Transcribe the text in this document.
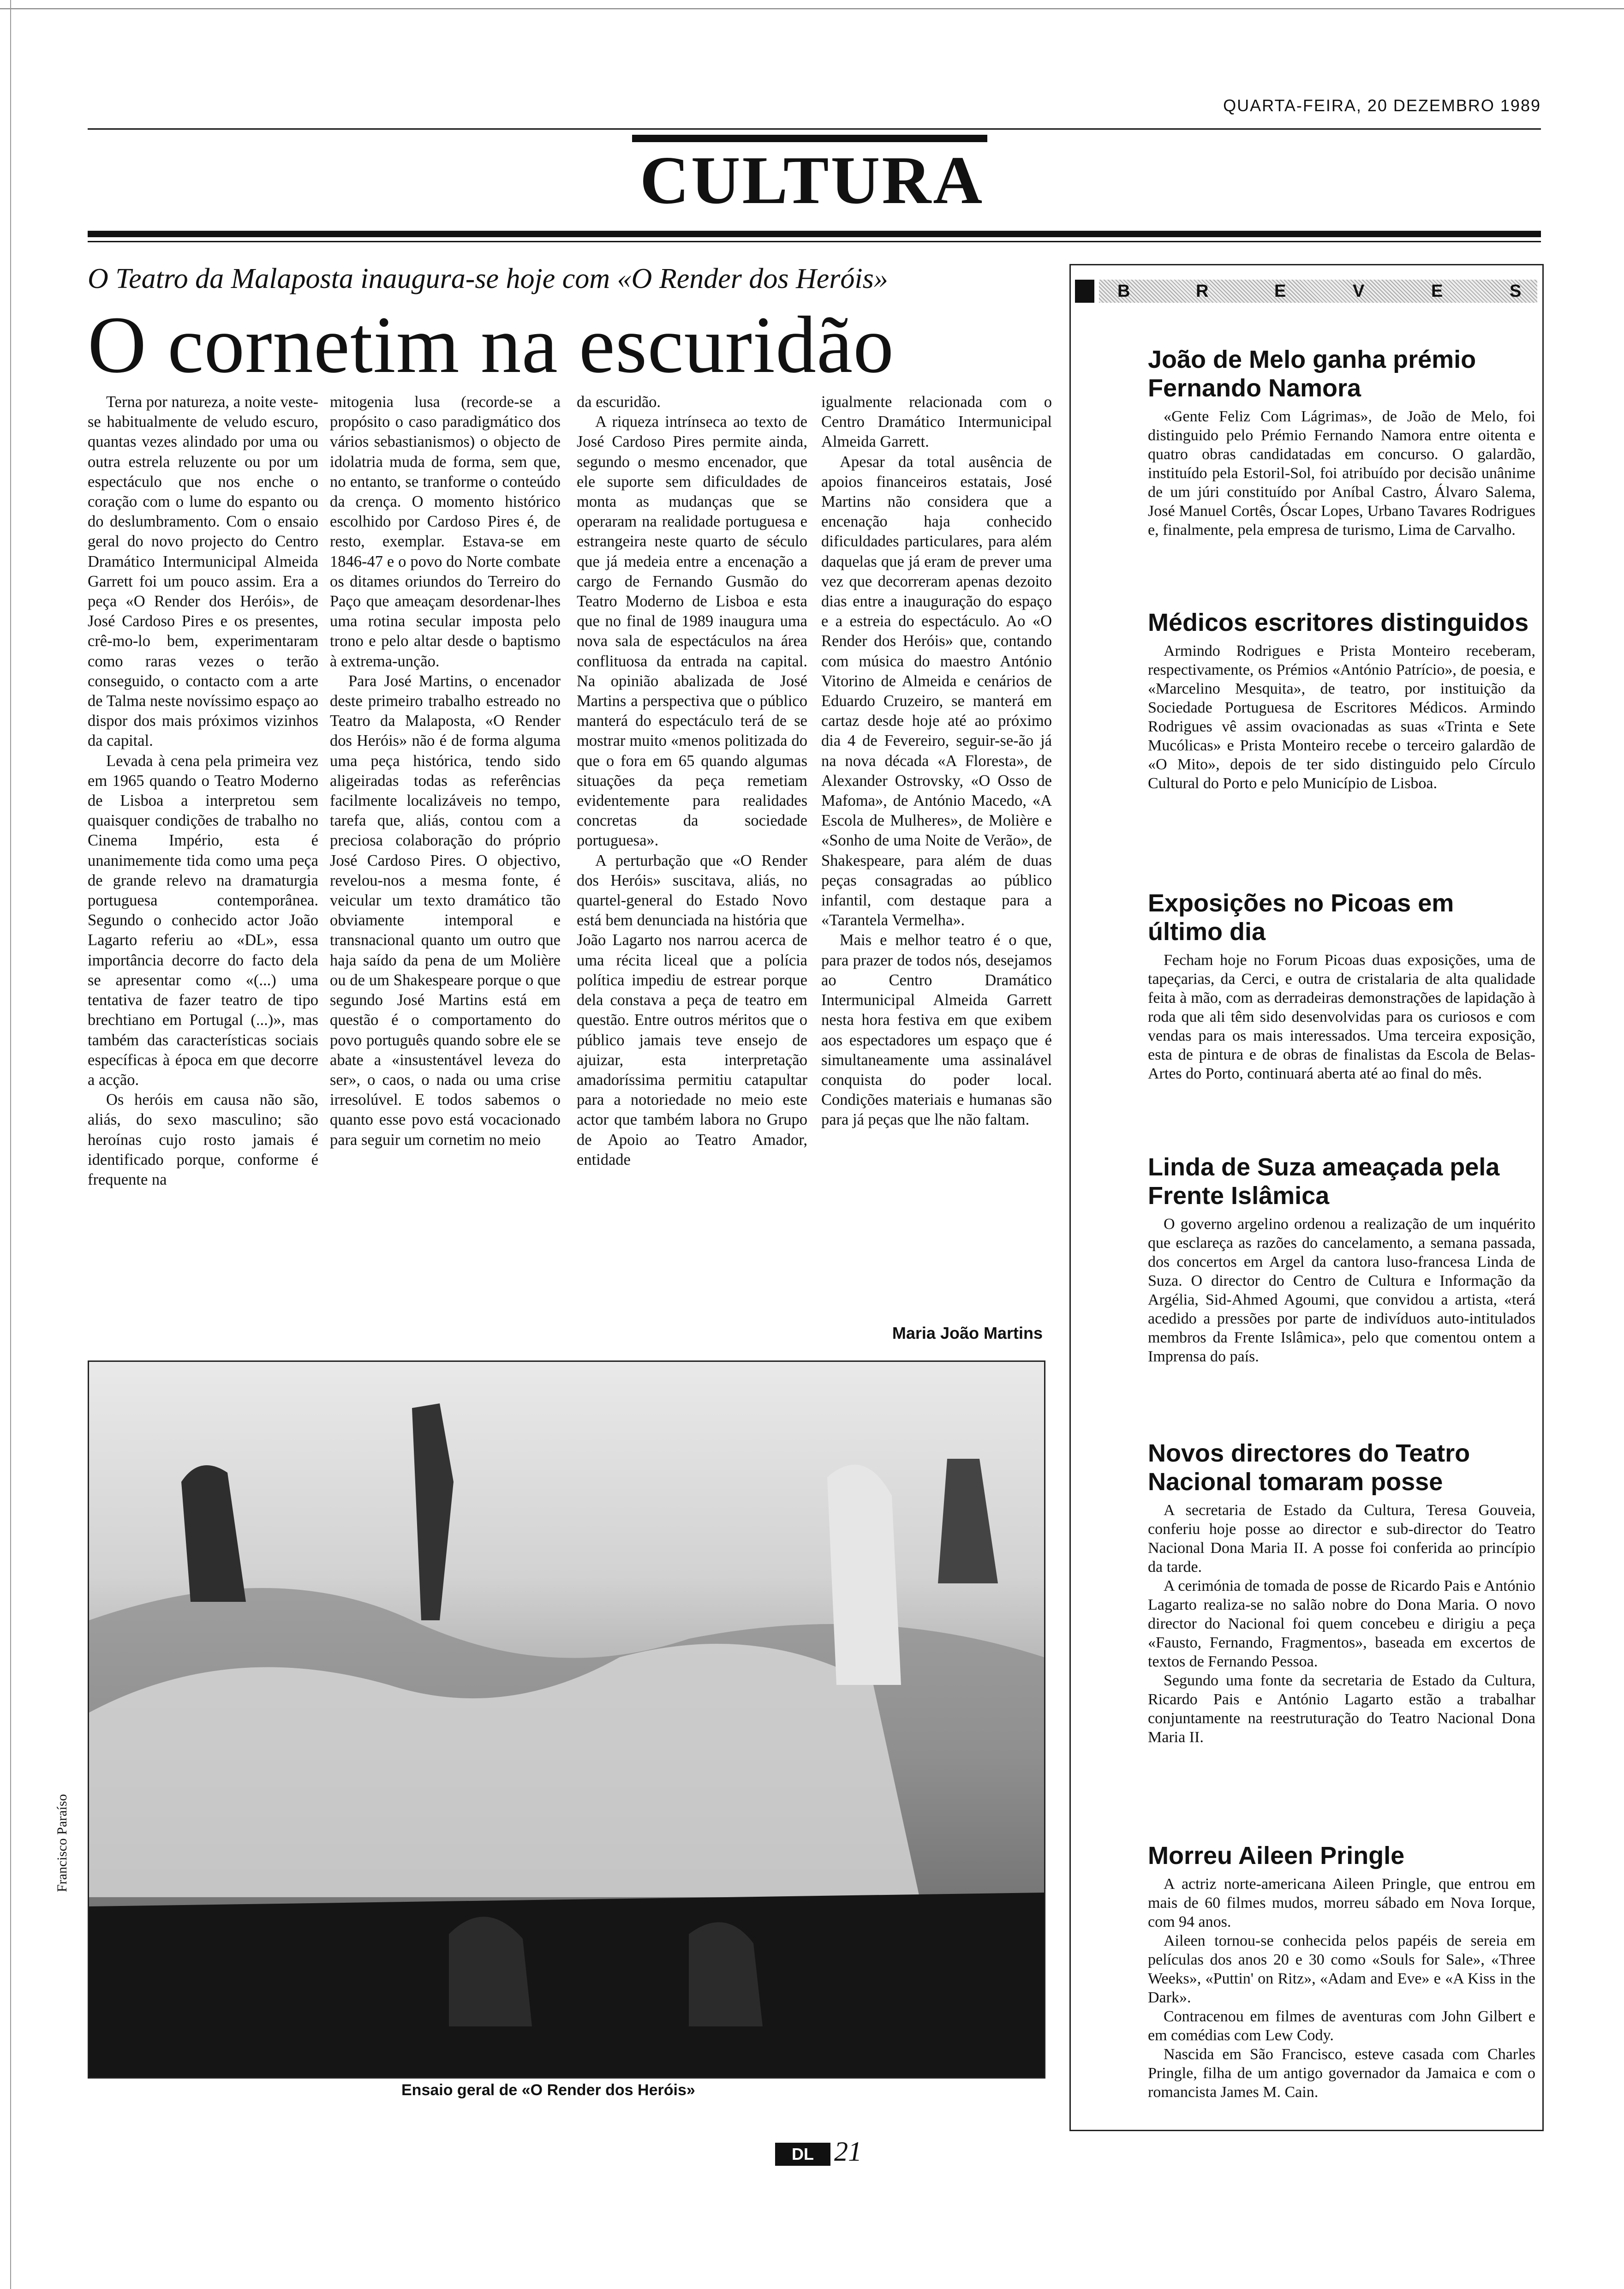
QUARTA-FEIRA, 20 DEZEMBRO 1989
CULTURA
O Teatro da Malaposta inaugura-se hoje com «O Render dos Heróis»
O cornetim na escuridão

Terna por natureza, a noite veste-se habitualmente de veludo escuro, quantas vezes alindado por uma ou outra estrela reluzente ou por um espectáculo que nos enche o coração com o lume do espanto ou do deslumbramento. Com o ensaio geral do novo projecto do Centro Dramático Intermunicipal Almeida Garrett foi um pouco assim. Era a peça «O Render dos Heróis», de José Cardoso Pires e os presentes, crê-mo-lo bem, experimentaram como raras vezes o terão conseguido, o contacto com a arte de Talma neste novíssimo espaço ao dispor dos mais próximos vizinhos da capital.

Levada à cena pela primeira vez em 1965 quando o Teatro Moderno de Lisboa a interpretou sem quaisquer condições de trabalho no Cinema Império, esta é unanimemente tida como uma peça de grande relevo na dramaturgia portuguesa contemporânea. Segundo o conhecido actor João Lagarto referiu ao «DL», essa importância decorre do facto dela se apresentar como «(...) uma tentativa de fazer teatro de tipo brechtiano em Portugal (...)», mas também das características sociais específicas à época em que decorre a acção.

Os heróis em causa não são, aliás, do sexo masculino; são heroínas cujo rosto jamais é identificado porque, conforme é frequente na

mitogenia lusa (recorde-se a propósito o caso paradigmático dos vários sebastianismos) o objecto de idolatria muda de forma, sem que, no entanto, se tranforme o conteúdo da crença. O momento histórico escolhido por Cardoso Pires é, de resto, exemplar. Estava-se em 1846-47 e o povo do Norte combate os ditames oriundos do Terreiro do Paço que ameaçam desordenar-lhes uma rotina secular imposta pelo trono e pelo altar desde o baptismo à extrema-unção.

Para José Martins, o encenador deste primeiro trabalho estreado no Teatro da Malaposta, «O Render dos Heróis» não é de forma alguma uma peça histórica, tendo sido aligeiradas todas as referências facilmente localizáveis no tempo, tarefa que, aliás, contou com a preciosa colaboração do próprio José Cardoso Pires. O objectivo, revelou-nos a mesma fonte, é veicular um texto dramático tão obviamente intemporal e transnacional quanto um outro que haja saído da pena de um Molière ou de um Shakespeare porque o que segundo José Martins está em questão é o comportamento do povo português quando sobre ele se abate a «insustentável leveza do ser», o caos, o nada ou uma crise irresolúvel. E todos sabemos o quanto esse povo está vocacionado para seguir um cornetim no meio

da escuridão.

A riqueza intrínseca ao texto de José Cardoso Pires permite ainda, segundo o mesmo encenador, que ele suporte sem dificuldades de monta as mudanças que se operaram na realidade portuguesa e estrangeira neste quarto de século que já medeia entre a encenação a cargo de Fernando Gusmão do Teatro Moderno de Lisboa e esta que no final de 1989 inaugura uma nova sala de espectáculos na área conflituosa da entrada na capital. Na opinião abalizada de José Martins a perspectiva que o público manterá do espectáculo terá de se mostrar muito «menos politizada do que o fora em 65 quando algumas situações da peça remetiam evidentemente para realidades concretas da sociedade portuguesa».

A perturbação que «O Render dos Heróis» suscitava, aliás, no quartel-general do Estado Novo está bem denunciada na história que João Lagarto nos narrou acerca de uma récita liceal que a polícia política impediu de estrear porque dela constava a peça de teatro em questão. Entre outros méritos que o público jamais teve ensejo de ajuizar, esta interpretação amadoríssima permitiu catapultar para a notoriedade no meio este actor que também labora no Grupo de Apoio ao Teatro Amador, entidade

igualmente relacionada com o Centro Dramático Intermunicipal Almeida Garrett.

Apesar da total ausência de apoios financeiros estatais, José Martins não considera que a encenação haja conhecido dificuldades particulares, para além daquelas que já eram de prever uma vez que decorreram apenas dezoito dias entre a inauguração do espaço e a estreia do espectáculo. Ao «O Render dos Heróis» que, contando com música do maestro António Vitorino de Almeida e cenários de Eduardo Cruzeiro, se manterá em cartaz desde hoje até ao próximo dia 4 de Fevereiro, seguir-se-ão já na nova década «A Floresta», de Alexander Ostrovsky, «O Osso de Mafoma», de António Macedo, «A Escola de Mulheres», de Molière e «Sonho de uma Noite de Verão», de Shakespeare, para além de duas peças consagradas ao público infantil, com destaque para a «Tarantela Vermelha».

Mais e melhor teatro é o que, para prazer de todos nós, desejamos ao Centro Dramático Intermunicipal Almeida Garrett nesta hora festiva em que exibem aos espectadores um espaço que é simultaneamente uma assinalável conquista do poder local. Condições materiais e humanas são para já peças que lhe não faltam.

Maria João Martins
Francisco Paraíso
Ensaio geral de «O Render dos Heróis»
DL 21
B	R	E	V	E	S
João de Melo ganha prémio Fernando Namora

«Gente Feliz Com Lágrimas», de João de Melo, foi distinguido pelo Prémio Fernando Namora entre oitenta e quatro obras candidatadas em concurso. O galardão, instituído pela Estoril-Sol, foi atribuído por decisão unânime de um júri constituído por Aníbal Castro, Álvaro Salema, José Manuel Cortês, Óscar Lopes, Urbano Tavares Rodrigues e, finalmente, pela empresa de turismo, Lima de Carvalho.

Médicos escritores distinguidos

Armindo Rodrigues e Prista Monteiro receberam, respectivamente, os Prémios «António Patrício», de poesia, e «Marcelino Mesquita», de teatro, por instituição da Sociedade Portuguesa de Escritores Médicos. Armindo Rodrigues vê assim ovacionadas as suas «Trinta e Sete Mucólicas» e Prista Monteiro recebe o terceiro galardão de «O Mito», depois de ter sido distinguido pelo Círculo Cultural do Porto e pelo Município de Lisboa.

Exposições no Picoas em último dia

Fecham hoje no Forum Picoas duas exposições, uma de tapeçarias, da Cerci, e outra de cristalaria de alta qualidade feita à mão, com as derradeiras demonstrações de lapidação à roda que ali têm sido desenvolvidas para os curiosos e com vendas para os mais interessados. Uma terceira exposição, esta de pintura e de obras de finalistas da Escola de Belas-Artes do Porto, continuará aberta até ao final do mês.

Linda de Suza ameaçada pela Frente Islâmica

O governo argelino ordenou a realização de um inquérito que esclareça as razões do cancelamento, a semana passada, dos concertos em Argel da cantora luso-francesa Linda de Suza. O director do Centro de Cultura e Informação da Argélia, Sid-Ahmed Agoumi, que convidou a artista, «terá acedido a pressões por parte de indivíduos auto-intitulados membros da Frente Islâmica», pelo que comentou ontem a Imprensa do país.

Novos directores do Teatro Nacional tomaram posse

A secretaria de Estado da Cultura, Teresa Gouveia, conferiu hoje posse ao director e sub-director do Teatro Nacional Dona Maria II. A posse foi conferida ao princípio da tarde.

A cerimónia de tomada de posse de Ricardo Pais e António Lagarto realiza-se no salão nobre do Dona Maria. O novo director do Nacional foi quem concebeu e dirigiu a peça «Fausto, Fernando, Fragmentos», baseada em excertos de textos de Fernando Pessoa.

Segundo uma fonte da secretaria de Estado da Cultura, Ricardo Pais e António Lagarto estão a trabalhar conjuntamente na reestruturação do Teatro Nacional Dona Maria II.

Morreu Aileen Pringle

A actriz norte-americana Aileen Pringle, que entrou em mais de 60 filmes mudos, morreu sábado em Nova Iorque, com 94 anos.

Aileen tornou-se conhecida pelos papéis de sereia em películas dos anos 20 e 30 como «Souls for Sale», «Three Weeks», «Puttin' on Ritz», «Adam and Eve» e «A Kiss in the Dark».

Contracenou em filmes de aventuras com John Gilbert e em comédias com Lew Cody.

Nascida em São Francisco, esteve casada com Charles Pringle, filha de um antigo governador da Jamaica e com o romancista James M. Cain.
